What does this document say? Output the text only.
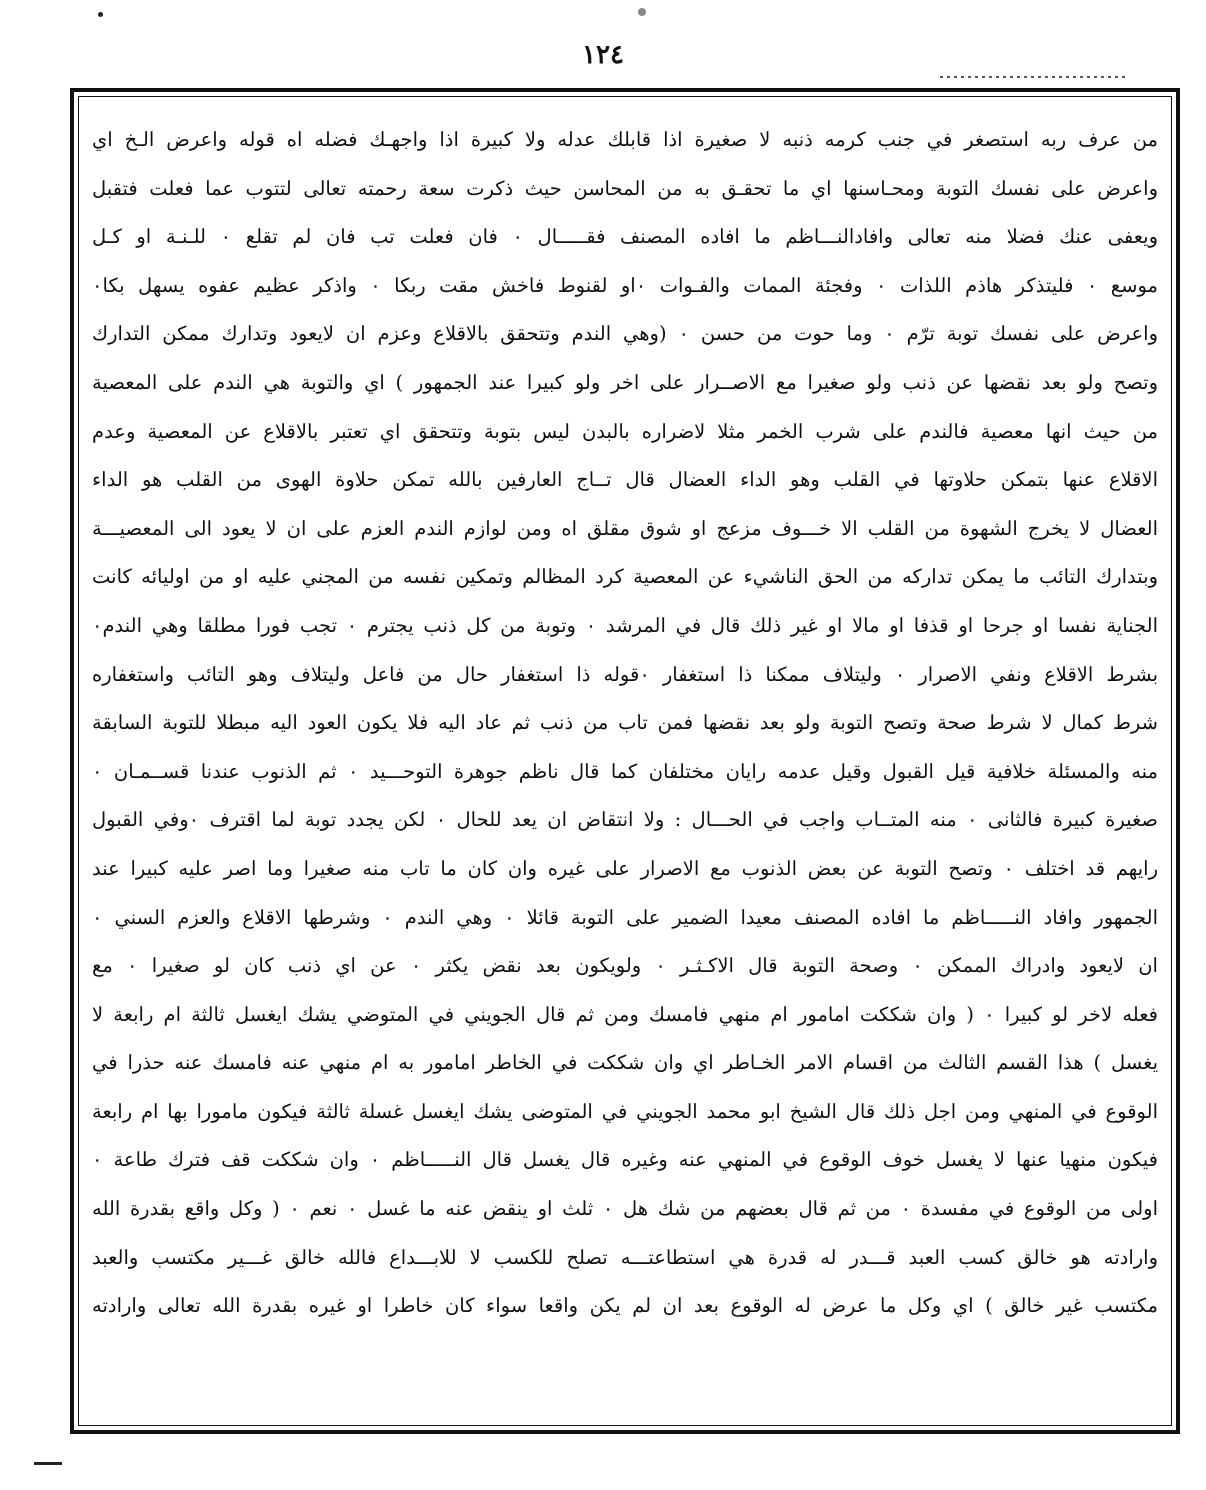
١٢٤
من عرف ربه استصغر في جنب كرمه ذنبه لا صغيرة اذا قابلك عدله ولا كبيرة اذا واجهـك فضله اه قوله واعرض الـخ اي
واعرض على نفسك التوبة ومحـاسنها اي ما تحقـق به من المحاسن حيث ذكرت سعة رحمته تعالى لتتوب عما فعلت فتقبل
ويعفى عنك فضلا منه تعالى وافادالنـــاظم ما افاده المصنف فقـــــال ٠ فان فعلت تب فان لم تقلع ٠ للـنـة او كـل
موسع ٠ فليتذكر هاذم اللذات ٠ وفجئة الممات والفـوات ٠او لقنوط فاخش مقت ربكا ٠ واذكر عظيم عفوه يسهل بكا٠
واعرض على نفسك توبة ترّم ٠ وما حوت من حسن ٠ (وهي الندم وتتحقق بالاقلاع وعزم ان لايعود وتدارك ممكن التدارك
وتصح ولو بعد نقضها عن ذنب ولو صغيرا مع الاصــرار على اخر ولو كبيرا عند الجمهور ) اي والتوبة هي الندم على المعصية
من حيث انها معصية فالندم على شرب الخمر مثلا لاضراره بالبدن ليس بتوبة وتتحقق اي تعتبر بالاقلاع عن المعصية وعدم
الاقلاع عنها بتمكن حلاوتها في القلب وهو الداء العضال قال تــاج العارفين بالله تمكن حلاوة الهوى من القلب هو الداء
العضال لا يخرج الشهوة من القلب الا خـــوف مزعج او شوق مقلق اه ومن لوازم الندم العزم على ان لا يعود الى المعصيـــة
وبتدارك التائب ما يمكن تداركه من الحق الناشيء عن المعصية كرد المظالم وتمكين نفسه من المجني عليه او من اوليائه كانت
الجناية نفسا او جرحا او قذفا او مالا او غير ذلك قال في المرشد ٠ وتوبة من كل ذنب يجترم ٠ تجب فورا مطلقا وهي الندم٠
بشرط الاقلاع ونفي الاصرار ٠ وليتلاف ممكنا ذا استغفار ٠قوله ذا استغفار حال من فاعل وليتلاف وهو التائب واستغفاره
شرط كمال لا شرط صحة وتصح التوبة ولو بعد نقضها فمن تاب من ذنب ثم عاد اليه فلا يكون العود اليه مبطلا للتوبة السابقة
منه والمسئلة خلافية قيل القبول وقيل عدمه رايان مختلفان كما قال ناظم جوهرة التوحـــيد ٠ ثم الذنوب عندنا قســمـان ٠
صغيرة كبيرة فالثانى ٠ منه المتــاب واجب في الحـــال : ولا انتقاض ان يعد للحال ٠ لكن يجدد توبة لما اقترف ٠وفي القبول
رايهم قد اختلف ٠ وتصح التوبة عن بعض الذنوب مع الاصرار على غيره وان كان ما تاب منه صغيرا وما اصر عليه كبيرا عند
الجمهور وافاد النـــــاظم ما افاده المصنف معيدا الضمير على التوبة قائلا ٠ وهي الندم ٠ وشرطها الاقلاع والعزم السني ٠
ان لايعود وادراك الممكن ٠ وصحة التوبة قال الاكـثـر ٠ ولويكون بعد نقض يكثر ٠ عن اي ذنب كان لو صغيرا ٠ مع
فعله لاخر لو كبيرا ٠ ( وان شككت امامور ام منهي فامسك ومن ثم قال الجويني في المتوضي يشك ايغسل ثالثة ام رابعة لا
يغسل ) هذا القسم الثالث من اقسام الامر الخـاطر اي وان شككت في الخاطر امامور به ام منهي عنه فامسك عنه حذرا في
الوقوع في المنهي ومن اجل ذلك قال الشيخ ابو محمد الجويني في المتوضى يشك ايغسل غسلة ثالثة فيكون مامورا بها ام رابعة
فيكون منهيا عنها لا يغسل خوف الوقوع في المنهي عنه وغيره قال يغسل قال النـــــاظم ٠ وان شككت قف فترك طاعة ٠
اولى من الوقوع في مفسدة ٠ من ثم قال بعضهم من شك هل ٠ ثلث او ينقض عنه ما غسل ٠ نعم ٠ ( وكل واقع بقدرة الله
وارادته هو خالق كسب العبد قـــدر له قدرة هي استطاعتـــه تصلح للكسب لا للابـــداع فالله خالق غـــير مكتسب والعبد
مكتسب غير خالق ) اي وكل ما عرض له الوقوع بعد ان لم يكن واقعا سواء كان خاطرا او غيره بقدرة الله تعالى وارادته
